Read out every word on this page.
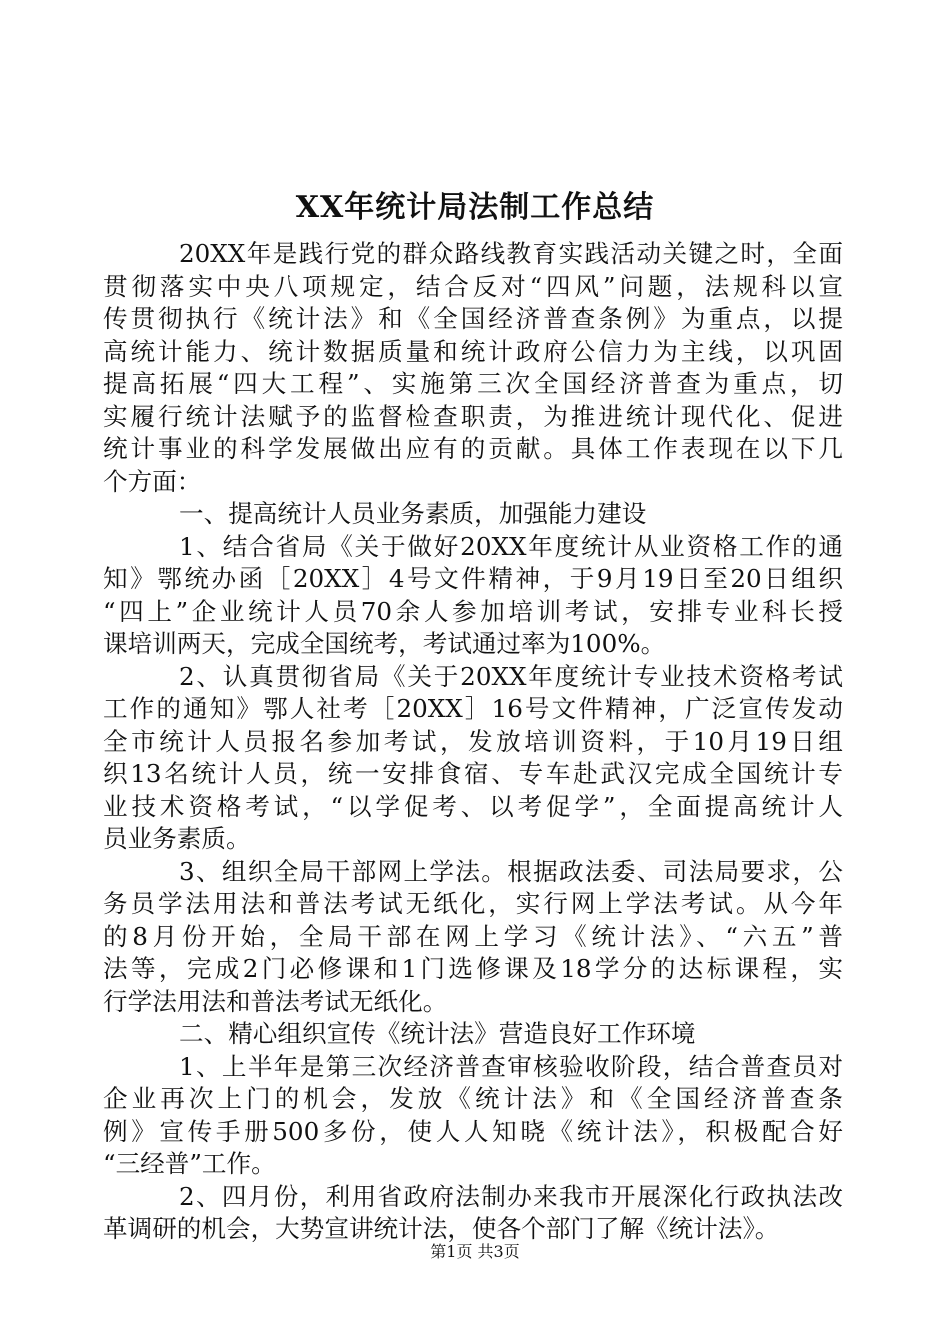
XX年统计局法制工作总结
20XX年是践行党的群众路线教育实践活动关键之时，全面
贯彻落实中央八项规定，结合反对“四风”问题，法规科以宣
传贯彻执行《统计法》和《全国经济普查条例》为重点，以提
高统计能力、统计数据质量和统计政府公信力为主线，以巩固
提高拓展“四大工程”、实施第三次全国经济普查为重点，切
实履行统计法赋予的监督检查职责，为推进统计现代化、促进
统计事业的科学发展做出应有的贡献。具体工作表现在以下几
个方面：
一、提高统计人员业务素质，加强能力建设
1、结合省局《关于做好20XX年度统计从业资格工作的通
知》鄂统办函［20XX］4号文件精神，于9月19日至20日组织
“四上”企业统计人员70余人参加培训考试，安排专业科长授
课培训两天，完成全国统考，考试通过率为100%。
2、认真贯彻省局《关于20XX年度统计专业技术资格考试
工作的通知》鄂人社考［20XX］16号文件精神，广泛宣传发动
全市统计人员报名参加考试，发放培训资料，于10月19日组
织13名统计人员，统一安排食宿、专车赴武汉完成全国统计专
业技术资格考试，“以学促考、以考促学”，全面提高统计人
员业务素质。
3、组织全局干部网上学法。根据政法委、司法局要求，公
务员学法用法和普法考试无纸化，实行网上学法考试。从今年
的8月份开始，全局干部在网上学习《统计法》、“六五”普
法等，完成2门必修课和1门选修课及18学分的达标课程，实
行学法用法和普法考试无纸化。
二、精心组织宣传《统计法》营造良好工作环境
1、上半年是第三次经济普查审核验收阶段，结合普查员对
企业再次上门的机会，发放《统计法》和《全国经济普查条
例》宣传手册500多份，使人人知晓《统计法》，积极配合好
“三经普”工作。
2、四月份，利用省政府法制办来我市开展深化行政执法改
革调研的机会，大势宣讲统计法，使各个部门了解《统计法》。
第1页 共3页
